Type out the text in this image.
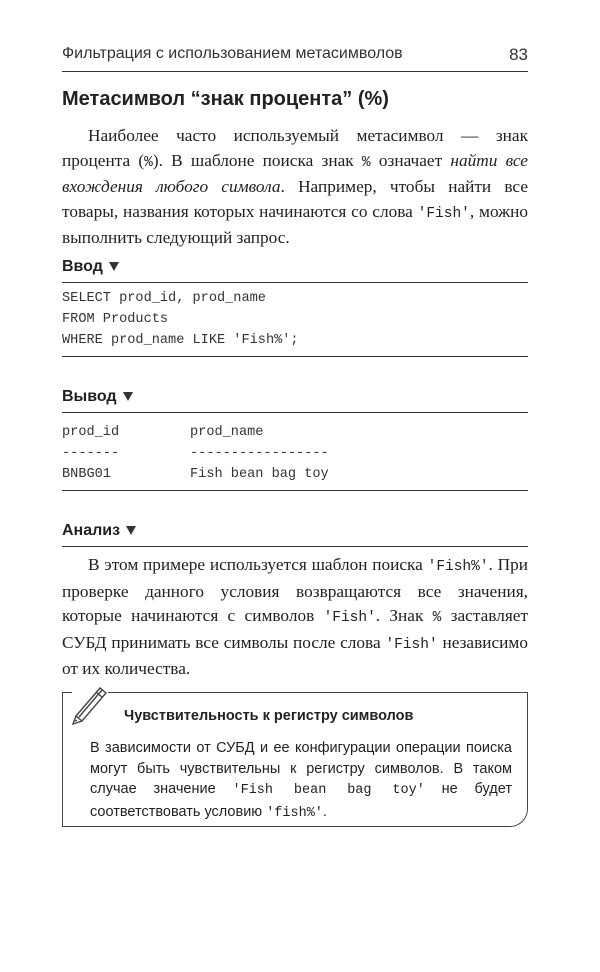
Фильтрация с использованием метасимволов	83
Метасимвол “знак процента” (%)
Наиболее часто используемый метасимвол — знак процента (%). В шаблоне поиска знак % означает найти все вхождения любого символа. Например, чтобы найти все товары, названия которых начинаются со слова 'Fish', можно выполнить следующий запрос.
Ввод
SELECT prod_id, prod_name
FROM Products
WHERE prod_name LIKE 'Fish%';
Вывод
prod_id	prod_name
-------	-----------------
BNBG01	Fish bean bag toy
Анализ
В этом примере используется шаблон поиска 'Fish%'. При проверке данного условия возвращаются все значения, которые начинаются с символов 'Fish'. Знак % заставляет СУБД принимать все символы после слова 'Fish' независимо от их количества.
Чувствительность к регистру символов
В зависимости от СУБД и ее конфигурации операции поиска могут быть чувствительны к регистру символов. В таком случае значение 'Fish bean bag toy' не будет соответствовать условию 'fish%'.
